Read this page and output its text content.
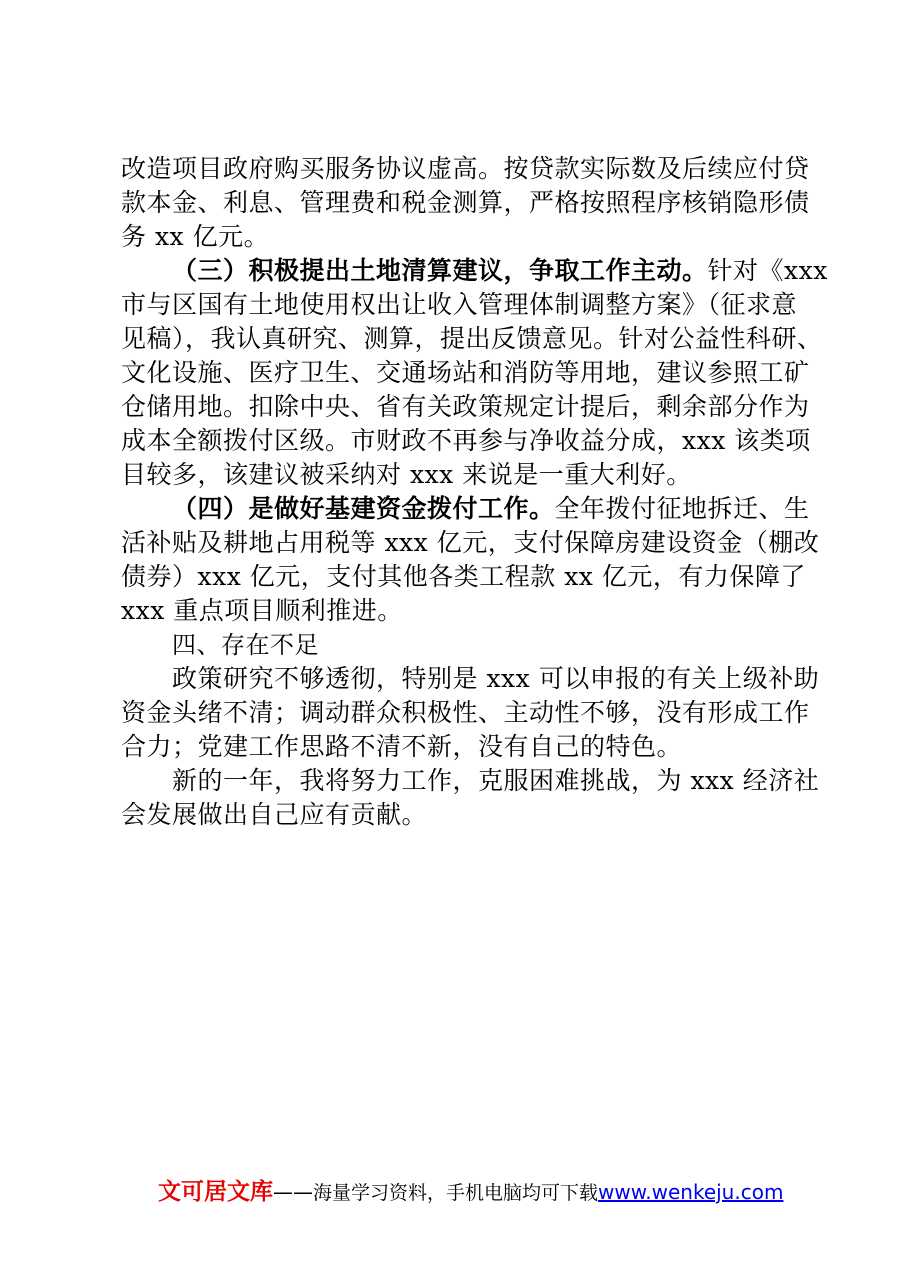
改造项目政府购买服务协议虚高。按贷款实际数及后续应付贷
款本金、利息、管理费和税金测算，严格按照程序核销隐形债
务 xx 亿元。
（三）积极提出土地清算建议，争取工作主动。针对《xxx
市与区国有土地使用权出让收入管理体制调整方案》（征求意
见稿），我认真研究、测算，提出反馈意见。针对公益性科研、
文化设施、医疗卫生、交通场站和消防等用地，建议参照工矿
仓储用地。扣除中央、省有关政策规定计提后，剩余部分作为
成本全额拨付区级。市财政不再参与净收益分成，xxx 该类项
目较多，该建议被采纳对 xxx 来说是一重大利好。
（四）是做好基建资金拨付工作。全年拨付征地拆迁、生
活补贴及耕地占用税等 xxx 亿元，支付保障房建设资金（棚改
债券）xxx 亿元，支付其他各类工程款 xx 亿元，有力保障了
xxx 重点项目顺利推进。
四、存在不足
政策研究不够透彻，特别是 xxx 可以申报的有关上级补助
资金头绪不清；调动群众积极性、主动性不够，没有形成工作
合力；党建工作思路不清不新，没有自己的特色。
新的一年，我将努力工作，克服困难挑战，为 xxx 经济社
会发展做出自己应有贡献。
文可居文库——海量学习资料，手机电脑均可下载www.wenkeju.com
